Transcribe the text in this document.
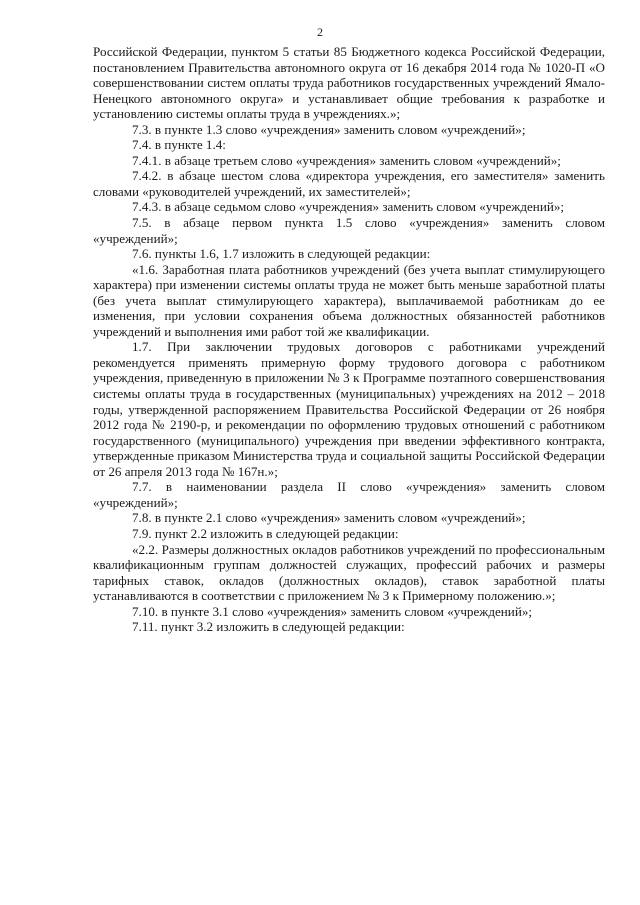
2

Российской Федерации, пунктом 5 статьи 85 Бюджетного кодекса Российской Федерации, постановлением Правительства автономного округа от 16 декабря 2014 года № 1020-П «О совершенствовании систем оплаты труда работников государственных учреждений Ямало-Ненецкого автономного округа» и устанавливает общие требования к разработке и установлению системы оплаты труда в учреждениях.»;

7.3. в пункте 1.3 слово «учреждения» заменить словом «учреждений»;

7.4. в пункте 1.4:

7.4.1. в абзаце третьем слово «учреждения» заменить словом «учреждений»;

7.4.2. в абзаце шестом слова «директора учреждения, его заместителя» заменить словами «руководителей учреждений, их заместителей»;

7.4.3. в абзаце седьмом слово «учреждения» заменить словом «учреждений»;

7.5. в абзаце первом пункта 1.5 слово «учреждения» заменить словом «учреждений»;

7.6. пункты 1.6, 1.7 изложить в следующей редакции:

«1.6. Заработная плата работников учреждений (без учета выплат стимулирующего характера) при изменении системы оплаты труда не может быть меньше заработной платы (без учета выплат стимулирующего характера), выплачиваемой работникам до ее изменения, при условии сохранения объема должностных обязанностей работников учреждений и выполнения ими работ той же квалификации.

1.7. При заключении трудовых договоров с работниками учреждений рекомендуется применять примерную форму трудового договора с работником учреждения, приведенную в приложении № 3 к Программе поэтапного совершенствования системы оплаты труда в государственных (муниципальных) учреждениях на 2012 – 2018 годы, утвержденной распоряжением Правительства Российской Федерации от 26 ноября 2012 года № 2190-р, и рекомендации по оформлению трудовых отношений с работником государственного (муниципального) учреждения при введении эффективного контракта, утвержденные приказом Министерства труда и социальной защиты Российской Федерации от 26 апреля 2013 года № 167н.»;

7.7. в наименовании раздела II слово «учреждения» заменить словом «учреждений»;

7.8. в пункте 2.1 слово «учреждения» заменить словом «учреждений»;

7.9. пункт 2.2 изложить в следующей редакции:

«2.2. Размеры должностных окладов работников учреждений по профессиональным квалификационным группам должностей служащих, профессий рабочих и размеры тарифных ставок, окладов (должностных окладов), ставок заработной платы устанавливаются в соответствии с приложением № 3 к Примерному положению.»;

7.10. в пункте 3.1 слово «учреждения» заменить словом «учреждений»;

7.11. пункт 3.2 изложить в следующей редакции:
